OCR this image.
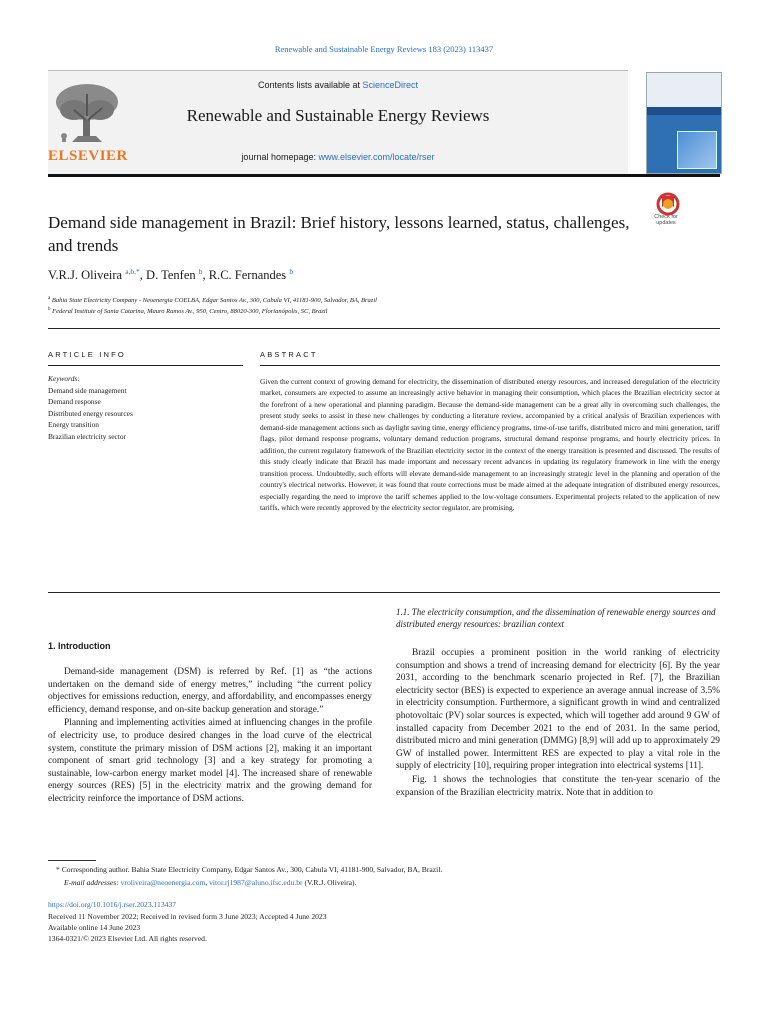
Renewable and Sustainable Energy Reviews 183 (2023) 113437
ELSEVIER
Contents lists available at ScienceDirect
Renewable and Sustainable Energy Reviews
journal homepage: www.elsevier.com/locate/rser
Check for
updates
Demand side management in Brazil: Brief history, lessons learned, status, challenges, and trends
V.R.J. Oliveira $^{a,b,*}$, D. Tenfen $^b$, R.C. Fernandes $^b$
$^a$ Bahia State Electricity Company - Neoenergia COELBA, Edgar Santos Av., 300, Cabula VI, 41181-900, Salvador, BA, Brazil
$^b$ Federal Institute of Santa Catarina, Mauro Ramos Av., 950, Centro, 88020-300, Florianópolis, SC, Brazil
ARTICLE INFO	ABSTRACT
Keywords:
Demand side management
Demand response
Distributed energy resources
Energy transition
Brazilian electricity sector
Given the current context of growing demand for electricity, the dissemination of distributed energy resources, and increased deregulation of the electricity market, consumers are expected to assume an increasingly active behavior in managing their consumption, which places the Brazilian electricity sector at the forefront of a new operational and planning paradigm. Because the demand-side management can be a great ally in overcoming such challenges, the present study seeks to assist in these new challenges by conducting a literature review, accompanied by a critical analysis of Brazilian experiences with demand-side management actions such as daylight saving time, energy efficiency programs, time-of-use tariffs, distributed micro and mini generation, tariff flags, pilot demand response programs, voluntary demand reduction programs, structural demand response programs, and hourly electricity prices. In addition, the current regulatory framework of the Brazilian electricity sector in the context of the energy transition is presented and discussed. The results of this study clearly indicate that Brazil has made important and necessary recent advances in updating its regulatory framework in line with the energy transition process. Undoubtedly, such efforts will elevate demand-side management to an increasingly strategic level in the planning and operation of the country's electrical networks. However, it was found that route corrections must be made aimed at the adequate integration of distributed energy resources, especially regarding the need to improve the tariff schemes applied to the low-voltage consumers. Experimental projects related to the application of new tariffs, which were recently approved by the electricity sector regulator, are promising.
1. Introduction

Demand-side management (DSM) is referred by Ref. [1] as “the actions undertaken on the demand side of energy metres,” including “the current policy objectives for emissions reduction, energy, and affordability, and encompasses energy efficiency, demand response, and on-site backup generation and storage.”

Planning and implementing activities aimed at influencing changes in the profile of electricity use, to produce desired changes in the load curve of the electrical system, constitute the primary mission of DSM actions [2], making it an important component of smart grid technology [3] and a key strategy for promoting a sustainable, low-carbon energy market model [4]. The increased share of renewable energy sources (RES) [5] in the electricity matrix and the growing demand for electricity reinforce the importance of DSM actions.

1.1. The electricity consumption, and the dissemination of renewable energy sources and distributed energy resources: brazilian context

Brazil occupies a prominent position in the world ranking of electricity consumption and shows a trend of increasing demand for electricity [6]. By the year 2031, according to the benchmark scenario projected in Ref. [7], the Brazilian electricity sector (BES) is expected to experience an average annual increase of 3.5% in electricity consumption. Furthermore, a significant growth in wind and centralized photovoltaic (PV) solar sources is expected, which will together add around 9 GW of installed capacity from December 2021 to the end of 2031. In the same period, distributed micro and mini generation (DMMG) [8,9] will add up to approximately 29 GW of installed power. Intermittent RES are expected to play a vital role in the supply of electricity [10], requiring proper integration into electrical systems [11].

Fig. 1 shows the technologies that constitute the ten-year scenario of the expansion of the Brazilian electricity matrix. Note that in addition to

* Corresponding author. Bahia State Electricity Company, Edgar Santos Av., 300, Cabula VI, 41181-900, Salvador, BA, Brazil.
E-mail addresses: vroliveira@neoenergia.com, vitor.rj1987@aluno.ifsc.edu.br (V.R.J. Oliveira).
https://doi.org/10.1016/j.rser.2023.113437
Received 11 November 2022; Received in revised form 3 June 2023; Accepted 4 June 2023
Available online 14 June 2023
1364-0321/© 2023 Elsevier Ltd. All rights reserved.
